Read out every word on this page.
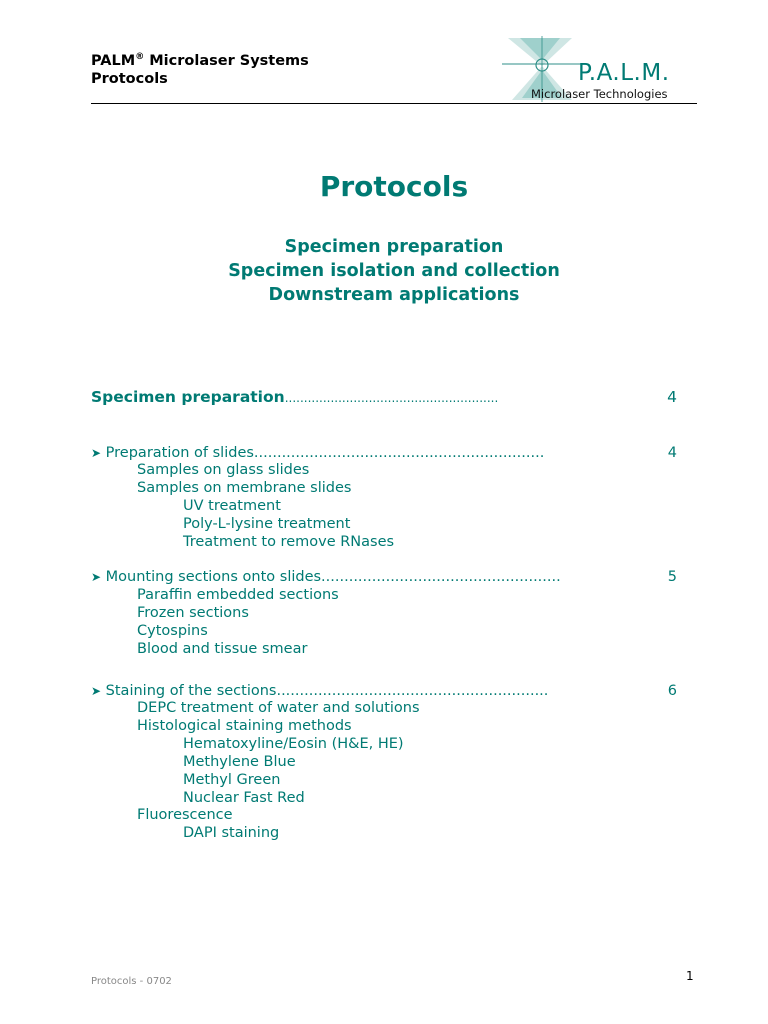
PALM® Microlaser Systems
Protocols	P.A.L.M.
Microlaser Technologies
Protocols
Specimen preparation
Specimen isolation and collection
Downstream applications
Specimen preparation........................................................	4
➤ Preparation of slides...............................................................	4
Samples on glass slides
Samples on membrane slides
UV treatment
Poly-L-lysine treatment
Treatment to remove RNases
➤ Mounting sections onto slides....................................................	5
Paraffin embedded sections
Frozen sections
Cytospins
Blood and tissue smear
➤ Staining of the sections...........................................................	6
DEPC treatment of water and solutions
Histological staining methods
Hematoxyline/Eosin (H&E, HE)
Methylene Blue
Methyl Green
Nuclear Fast Red
Fluorescence
DAPI staining
Protocols - 0702	1
